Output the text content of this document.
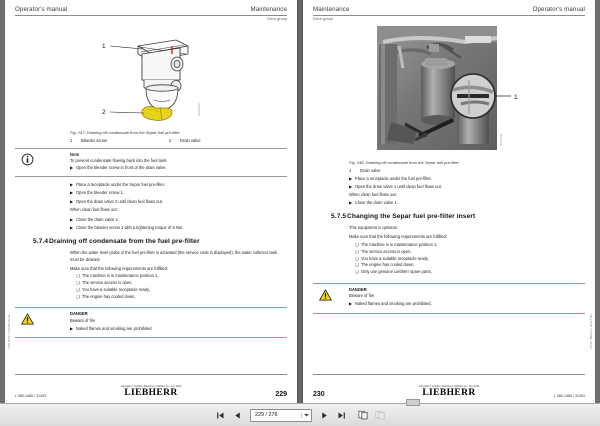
Operator's manual	Maintenance
Drive group
1
2	LFR/10000
Fig. 247: Draining off condensate from the Separ fuel pre-filter
1	Bleeder screw	2	Drain valve
Note
To prevent condensate flowing back into the fuel tank:
▶ Open the bleeder screw in front of the drain valve.
▶ Place a receptacle under the Separ fuel pre-filter.
▶ Open the bleeder screw 1.
▶ Open the drain valve 2 until clean fuel flows out.

When clean fuel flows out:

▶ Close the drain valve 2.
▶ Close the bleeder screw 1 with a tightening torque of 6 Nm.
5.7.4 Draining off condensate from the fuel pre-filter

When the water level probe in the fuel pre-filter is activated (the service code is displayed), the water collector tank must be drained.

Make sure that the following requirements are fulfilled:

❑ The machine is in maintenance position 1,
❑ The service access is open,
❑ You have a suitable receptacle ready,
❑ The engine has cooled down,
DANGER
Beware of fire
▶ Naked flames and smoking are prohibited.
LBH-9000 / 1000BL-61/en
L 580-1465 / 31403
copyright © Liebherr Machinery (Dalian) Co., Ltd. 2010
LIEBHERR	229
Maintenance	Operator's manual
Drive group
1
LFR/10000
Fig. 248: Draining off condensate from the Separ fuel pre-filter
1	Drain valve
▶ Place a receptacle under the fuel pre-filter.
▶ Open the drain valve 1 until clean fuel flows out.

When clean fuel flows out:

▶ Close the drain valve 1.
5.7.5 Changing the Separ fuel pre-filter insert

This equipment is optional.

Make sure that the following requirements are fulfilled:

❑ The machine is in maintenance position 1,
❑ The service access is open,
❑ You have a suitable receptacle ready,
❑ The engine has cooled down,
❑ Only use genuine Liebherr spare parts,
DANGER
Beware of fire
▶ Naked flames and smoking are prohibited.
LBH-9000 / 1000BL-61/en
230
copyright © Liebherr Machinery (Dalian) Co., Ltd. 2010
LIEBHERR	L 580-1465 / 31403
229 / 276
